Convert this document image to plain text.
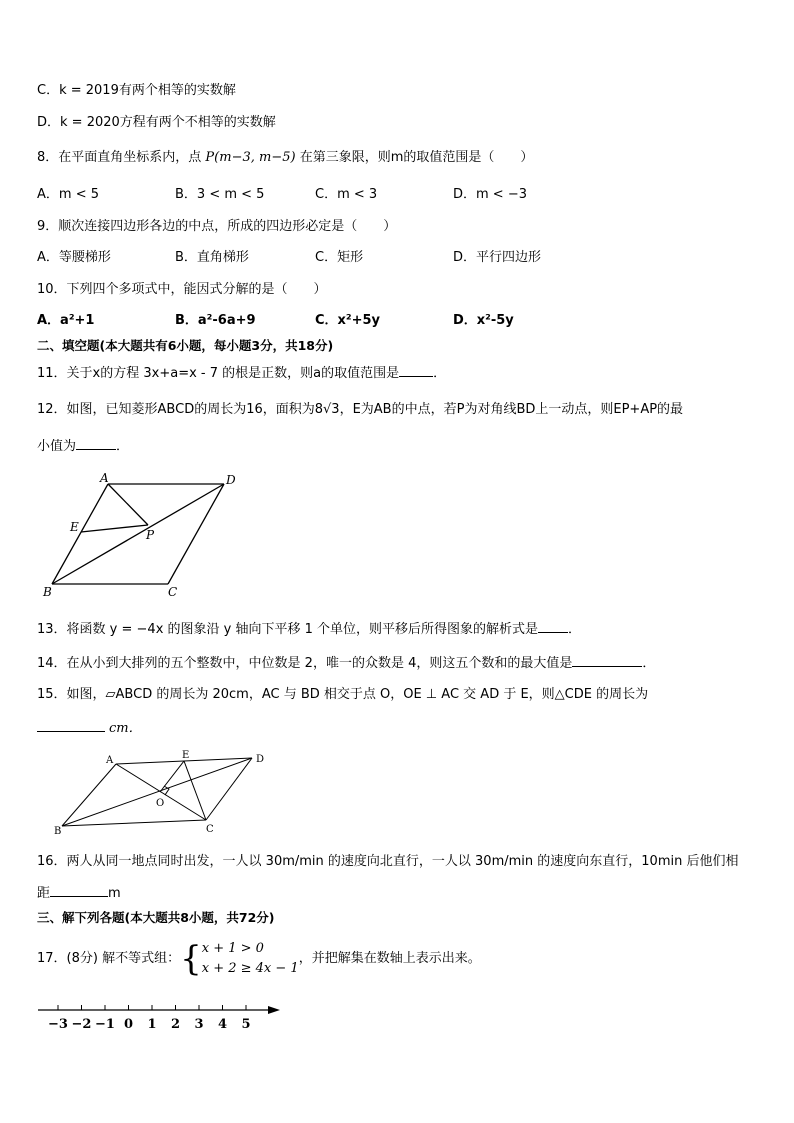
C．k = 2019有两个相等的实数解
D．k = 2020方程有两个不相等的实数解
8．在平面直角坐标系内，点 P(m−3, m−5) 在第三象限，则m的取值范围是（　　）
A．m < 5	B．3 < m < 5	C．m < 3	D．m < −3
9．顺次连接四边形各边的中点，所成的四边形必定是（　　）
A．等腰梯形	B．直角梯形	C．矩形	D．平行四边形
10．下列四个多项式中，能因式分解的是（　　）
A．a²+1	B．a²-6a+9	C．x²+5y	D．x²-5y
二、填空题(本大题共有6小题，每小题3分，共18分)
11．关于x的方程 3x+a=x - 7 的根是正数，则a的取值范围是	．
12．如图，已知菱形ABCD的周长为16，面积为8√3，E为AB的中点，若P为对角线BD上一动点，则EP+AP的最
小值为	．
A	D
E
P
B	C
13．将函数 y = −4x 的图象沿 y 轴向下平移 1 个单位，则平移后所得图象的解析式是 ．
14．在从小到大排列的五个整数中，中位数是 2，唯一的众数是 4，则这五个数和的最大值是	．
15．如图，▱ABCD 的周长为 20cm，AC 与 BD 相交于点 O，OE ⊥ AC 交 AD 于 E，则△CDE 的周长为
cm．
A	E	D
O
B	C
16．两人从同一地点同时出发，一人以 30m/min 的速度向北直行，一人以 30m/min 的速度向东直行，10min 后他们相
距	m
三、解下列各题(本大题共8小题，共72分)
17．(8分) 解不等式组：{ x + 1 > 0
x + 2 ≥ 4x − 1
，并把解集在数轴上表示出来。
−3 −2 −1 0 1 2 3 4 5
